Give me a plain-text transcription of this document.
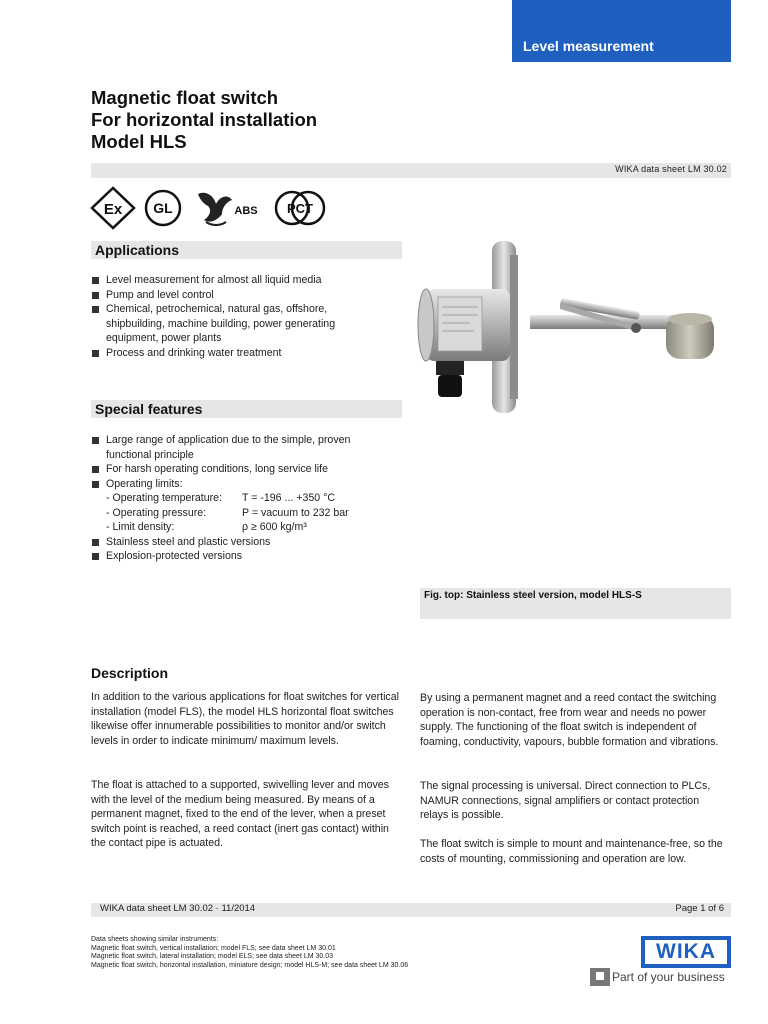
Level measurement
Magnetic float switch
For horizontal installation
Model HLS
WIKA data sheet LM 30.02
Ex GL	ABS PCT
Applications
Level measurement for almost all liquid media
Pump and level control
Chemical, petrochemical, natural gas, offshore, shipbuilding, machine building, power generating equipment, power plants
Process and drinking water treatment
Special features
Large range of application due to the simple, proven functional principle
For harsh operating conditions, long service life
Operating limits:
- Operating temperature:	T = -196 ... +350 °C
- Operating pressure:	P = vacuum to 232 bar
- Limit density:	ρ ≥ 600 kg/m³
Stainless steel and plastic versions
Explosion-protected versions
Fig. top: Stainless steel version, model HLS-S
Description
In addition to the various applications for float switches for vertical installation (model FLS), the model HLS horizontal float switches likewise offer innumerable possibilities to monitor and/or switch levels in order to indicate minimum/ maximum levels.
The float is attached to a supported, swivelling lever and moves with the level of the medium being measured. By means of a permanent magnet, fixed to the end of the lever, when a preset switch point is reached, a reed contact (inert gas contact) within the contact pipe is actuated.
By using a permanent magnet and a reed contact the switching operation is non-contact, free from wear and needs no power supply. The functioning of the float switch is independent of foaming, conductivity, vapours, bubble formation and vibrations.
The signal processing is universal. Direct connection to PLCs, NAMUR connections, signal amplifiers or contact protection relays is possible.
The float switch is simple to mount and maintenance-free, so the costs of mounting, commissioning and operation are low.
WIKA data sheet LM 30.02 · 11/2014	Page 1 of 6
Data sheets showing similar instruments:
Magnetic float switch, vertical installation; model FLS; see data sheet LM 30.01
Magnetic float switch, lateral installation; model ELS; see data sheet LM 30.03
Magnetic float switch, horizontal installation, miniature design; model HLS-M; see data sheet LM 30.06
WIKA
Part of your business
